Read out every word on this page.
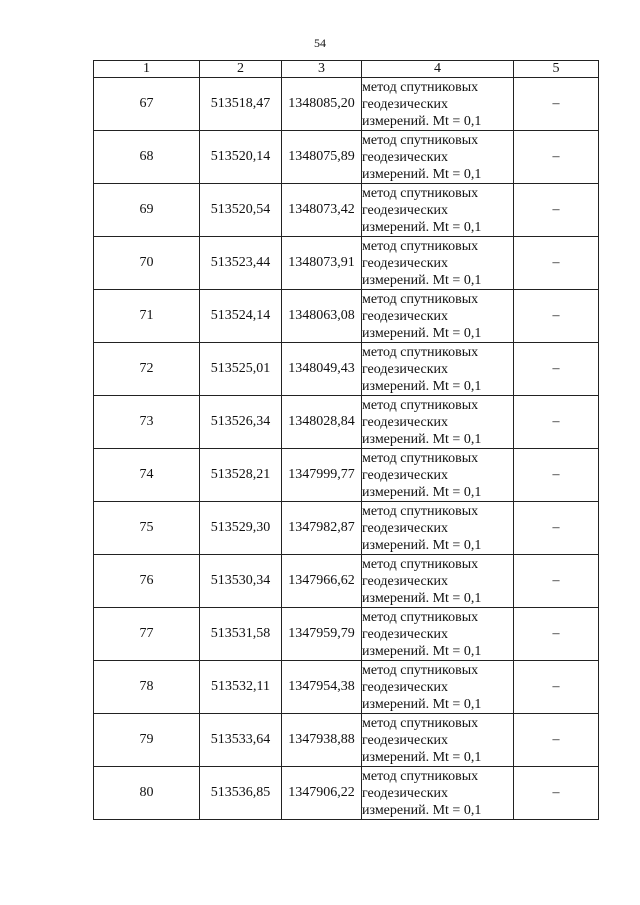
54
1	2	3	4	5
67	513518,47	1348085,20	метод спутниковых
геодезических
измерений. Mt = 0,1	–
68	513520,14	1348075,89	метод спутниковых
геодезических
измерений. Mt = 0,1	–
69	513520,54	1348073,42	метод спутниковых
геодезических
измерений. Mt = 0,1	–
70	513523,44	1348073,91	метод спутниковых
геодезических
измерений. Mt = 0,1	–
71	513524,14	1348063,08	метод спутниковых
геодезических
измерений. Mt = 0,1	–
72	513525,01	1348049,43	метод спутниковых
геодезических
измерений. Mt = 0,1	–
73	513526,34	1348028,84	метод спутниковых
геодезических
измерений. Mt = 0,1	–
74	513528,21	1347999,77	метод спутниковых
геодезических
измерений. Mt = 0,1	–
75	513529,30	1347982,87	метод спутниковых
геодезических
измерений. Mt = 0,1	–
76	513530,34	1347966,62	метод спутниковых
геодезических
измерений. Mt = 0,1	–
77	513531,58	1347959,79	метод спутниковых
геодезических
измерений. Mt = 0,1	–
78	513532,11	1347954,38	метод спутниковых
геодезических
измерений. Mt = 0,1	–
79	513533,64	1347938,88	метод спутниковых
геодезических
измерений. Mt = 0,1	–
80	513536,85	1347906,22	метод спутниковых
геодезических
измерений. Mt = 0,1	–
